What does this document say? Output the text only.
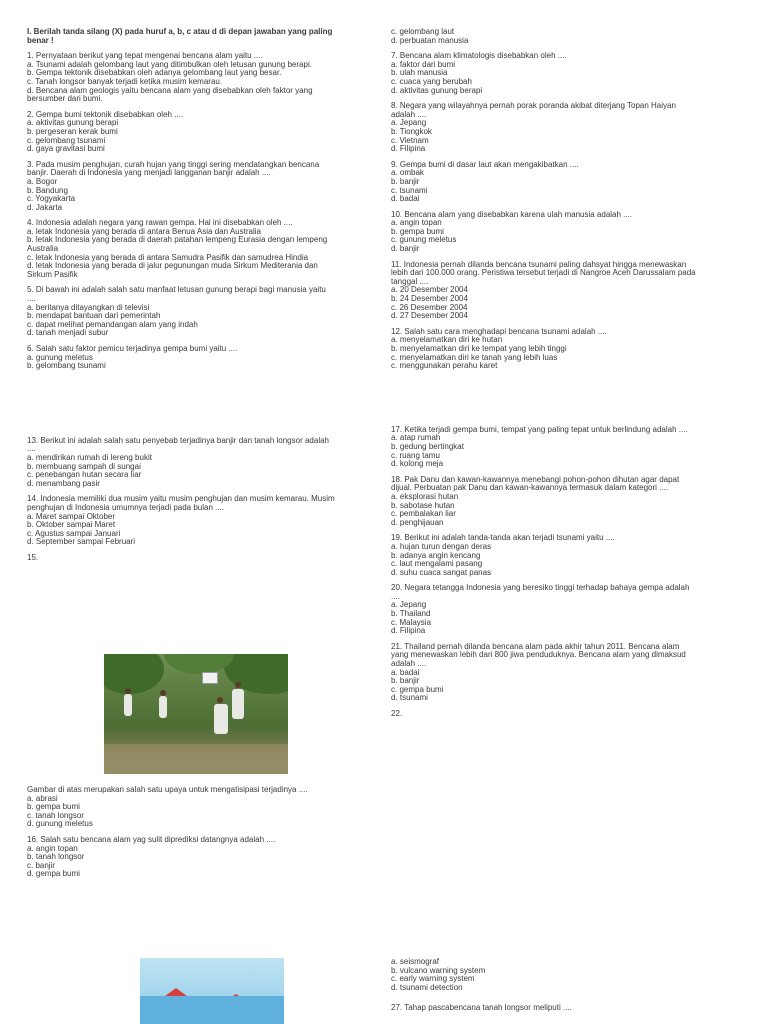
I. Berilah tanda silang (X) pada huruf a, b, c atau d di depan jawaban yang paling
benar !
1. Pernyataan berikut yang tepat mengenai bencana alam yaitu ....
a. Tsunami adalah gelombang laut yang ditimbulkan oleh letusan gunung berapi.
b. Gempa tektonik disebabkan oleh adanya gelombang laut yang besar.
c. Tanah longsor banyak terjadi ketika musim kemarau.
d. Bencana alam geologis yaitu bencana alam yang disebabkan oleh faktor yang
bersumber dari bumi.
2. Gempa bumi tektonik disebabkan oleh ....
a. aktivitas gunung berapi
b. pergeseran kerak bumi
c. gelombang tsunami
d. gaya gravitasi bumi
3. Pada musim penghujan, curah hujan yang tinggi sering mendatangkan bencana
banjir. Daerah di Indonesia yang menjadi langganan banjir adalah ....
a. Bogor
b. Bandung
c. Yogyakarta
d. Jakarta
4. Indonesia adalah negara yang rawan gempa. Hal ini disebabkan oleh ....
a. letak Indonesia yang berada di antara Benua Asia dan Australia
b. letak Indonesia yang berada di daerah patahan lempeng Eurasia dengan lempeng
Australia
c. letak Indonesia yang berada di antara Samudra Pasifik dan samudrea Hindia
d. letak Indonesia yang berada di jalur pegunungan muda Sirkum Mediterania dan
Sirkum Pasifik
5. Di bawah ini adalah salah satu manfaat letusan gunung berapi bagi manusia yaitu
....
a. beritanya ditayangkan di televisi
b. mendapat bantuan dari pemerintah
c. dapat melihat pemandangan alam yang indah
d. tanah menjadi subur
6. Salah satu faktor pemicu terjadinya gempa bumi yaitu ....
a. gunung meletus
b. gelombang tsunami
13. Berikut ini adalah salah satu penyebab terjadinya banjir dan tanah longsor adalah
....
a. mendirikan rumah di lereng bukit
b. membuang sampah di sungai
c. penebangan hutan secara liar
d. menambang pasir
14. Indonesia memiliki dua musim yaitu musim penghujan dan musim kemarau. Musim
penghujan di Indonesia umumnya terjadi pada bulan ....
a. Maret sampai Oktober
b. Oktober sampai Maret
c. Agustus sampai Januari
d. September sampai Februari
15.
Gambar di atas merupakan salah satu upaya untuk mengatisipasi terjadinya ....
a. abrasi
b. gempa bumi
c. tanah longsor
d. gunung meletus
16. Salah satu bencana alam yag sulit diprediksi datangnya adalah ....
a. angin topan
b. tanah longsor
c. banjir
d. gempa bumi
c. gelombang laut
d. perbuatan manusia
7. Bencana alam klimatologis disebabkan oleh ....
a. faktor dari bumi
b. ulah manusia
c. cuaca yang berubah
d. aktivitas gunung berapi
8. Negara yang wilayahnya pernah porak poranda akibat diterjang Topan Haiyan
adalah ....
a. Jepang
b. Tiongkok
c. Vietnam
d. Filipina
9. Gempa bumi di dasar laut akan mengakibatkan ....
a. ombak
b. banjir
c. tsunami
d. badai
10. Bencana alam yang disebabkan karena ulah manusia adalah ....
a. angin topan
b. gempa bumi
c. gunung meletus
d. banjir
11. Indonesia pernah dilanda bencana tsunami paling dahsyat hingga menewaskan
lebih dari 100.000 orang. Peristiwa tersebut terjadi di Nangroe Aceh Darussalam pada
tanggal ....
a. 20 Desember 2004
b. 24 Desember 2004
c. 26 Desember 2004
d. 27 Desember 2004
12. Salah satu cara menghadapi bencana tsunami adalah ....
a. menyelamatkan diri ke hutan
b. menyelamatkan diri ke tempat yang lebih tinggi
c. menyelamatkan diri ke tanah yang lebih luas
c. menggunakan perahu karet
17. Ketika terjadi gempa bumi, tempat yang paling tepat untuk berlindung adalah ....
a. atap rumah
b. gedung bertingkat
c. ruang tamu
d. kolong meja
18. Pak Danu dan kawan-kawannya menebangi pohon-pohon dihutan agar dapat
dijual. Perbuatan pak Danu dan kawan-kawannya termasuk dalam kategori ....
a. eksplorasi hutan
b. sabotase hutan
c. pembalakan liar
d. penghijauan
19. Berikut ini adalah tanda-tanda akan terjadi tsunami yaitu ....
a. hujan turun dengan deras
b. adanya angin kencang
c. laut mengalami pasang
d. suhu cuaca sangat panas
20. Negara tetangga Indonesia yang beresiko tinggi terhadap bahaya gempa adalah
....
a. Jepang
b. Thailand
c. Malaysia
d. Filipina
21. Thailand pernah dilanda bencana alam pada akhir tahun 2011. Bencana alam
yang menewaskan lebih dari 800 jiwa penduduknya. Bencana alam yang dimaksud
adalah ....
a. badai
b. banjir
c. gempa bumi
d. tsunami
22.
a. seismograf
b. vulcano warning system
c. early warning system
d. tsunami detection
27. Tahap pascabencana tanah longsor meliputi ....
